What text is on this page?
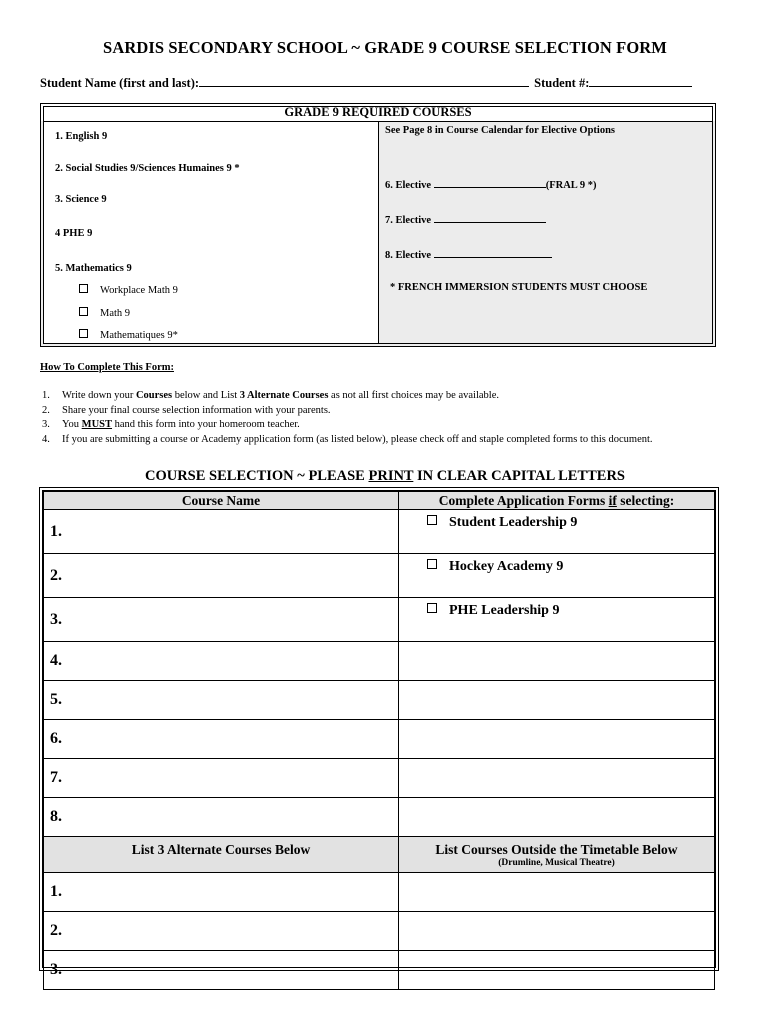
SARDIS SECONDARY SCHOOL ~ GRADE 9 COURSE SELECTION FORM
Student Name (first and last):	Student #:
GRADE 9 REQUIRED COURSES
1. English 9
2. Social Studies 9/Sciences Humaines 9 *
3. Science 9
4 PHE 9
5. Mathematics 9
Workplace Math 9
Math 9
Mathematiques 9*
See Page 8 in Course Calendar for Elective Options
6. Elective	(FRAL 9 *)
7. Elective
8. Elective
* FRENCH IMMERSION STUDENTS MUST CHOOSE
How To Complete This Form:
1. Write down your Courses below and List 3 Alternate Courses as not all first choices may be available.
2. Share your final course selection information with your parents.
3. You MUST hand this form into your homeroom teacher.
4. If you are submitting a course or Academy application form (as listed below), please check off and staple completed forms to this document.
COURSE SELECTION ~ PLEASE PRINT IN CLEAR CAPITAL LETTERS
Course Name	Complete Application Forms if selecting:
1.	Student Leadership 9
2.	Hockey Academy 9
3.	PHE Leadership 9
4.	
5.	
6.	
7.	
8.	
List 3 Alternate Courses Below	List Courses Outside the Timetable Below
(Drumline, Musical Theatre)

1.	
2.	
3.	
